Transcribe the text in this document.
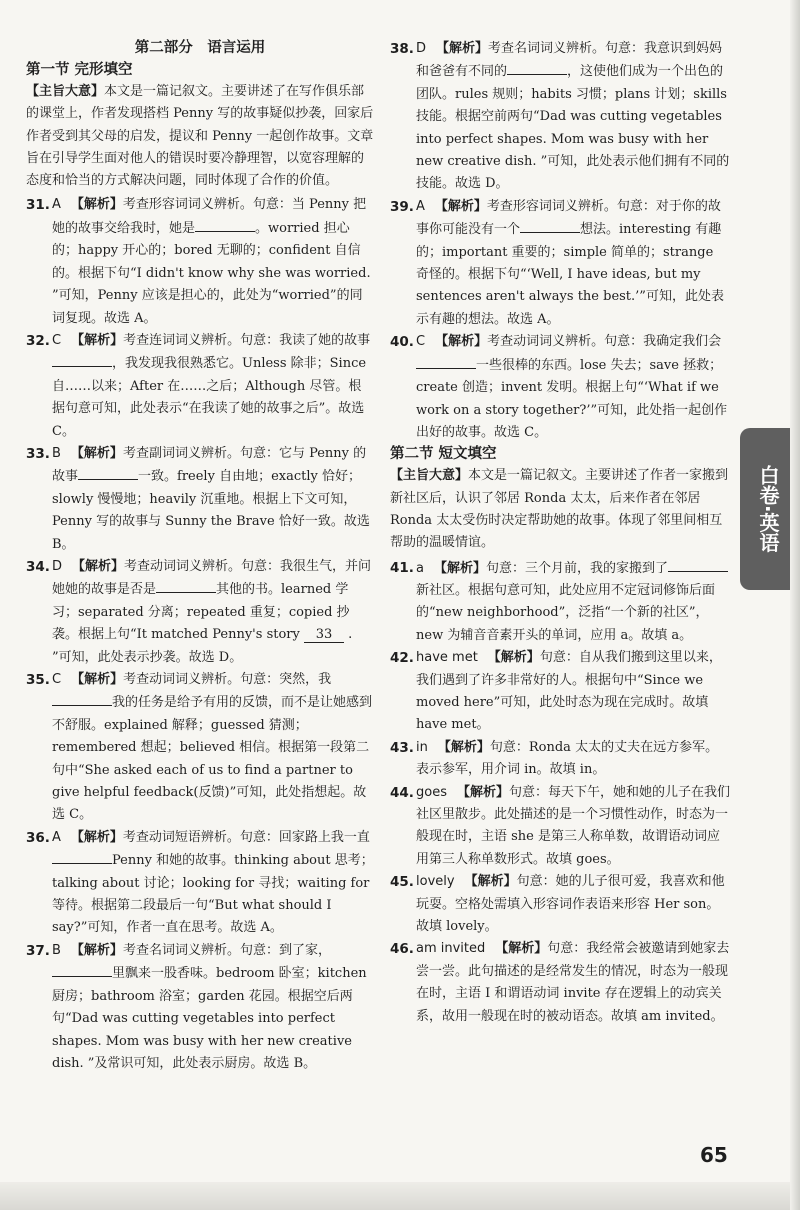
第二部分　语言运用
第一节 完形填空

【主旨大意】本文是一篇记叙文。主要讲述了在写作俱乐部的课堂上，作者发现搭档 Penny 写的故事疑似抄袭，回家后作者受到其父母的启发，提议和 Penny 一起创作故事。文章旨在引导学生面对他人的错误时要冷静理智，以宽容理解的态度和恰当的方式解决问题，同时体现了合作的价值。

31. A 【解析】考查形容词词义辨析。句意：当 Penny 把她的故事交给我时，她是	。worried 担心的；happy 开心的；bored 无聊的；confident 自信的。根据下句“I didn't know why she was worried. ”可知，Penny 应该是担心的，此处为“worried”的同词复现。故选 A。

32. C 【解析】考查连词词义辨析。句意：我读了她的故事，我发现我很熟悉它。Unless 除非；Since 自……以来；After 在……之后；Although 尽管。根据句意可知，此处表示“在我读了她的故事之后”。故选 C。

33. B 【解析】考查副词词义辨析。句意：它与 Penny 的故事	一致。freely 自由地；exactly 恰好；slowly 慢慢地；heavily 沉重地。根据上下文可知，Penny 写的故事与 Sunny the Brave 恰好一致。故选 B。

34. D 【解析】考查动词词义辨析。句意：我很生气，并问她她的故事是否是	其他的书。learned 学习；separated 分离；repeated 重复；copied 抄袭。根据上句“It matched Penny's story 33 . ”可知，此处表示抄袭。故选 D。

35. C 【解析】考查动词词义辨析。句意：突然，我我的任务是给予有用的反馈，而不是让她感到不舒服。explained 解释；guessed 猜测；remembered 想起；believed 相信。根据第一段第二句中“She asked each of us to find a partner to give helpful feedback(反馈)”可知，此处指想起。故选 C。

36. A 【解析】考查动词短语辨析。句意：回家路上我一直Penny 和她的故事。thinking about 思考；talking about 讨论；looking for 寻找；waiting for 等待。根据第二段最后一句“But what should I say?”可知，作者一直在思考。故选 A。

37. B 【解析】考查名词词义辨析。句意：到了家，里飘来一股香味。bedroom 卧室；kitchen 厨房；bathroom 浴室；garden 花园。根据空后两句“Dad was cutting vegetables into perfect shapes. Mom was busy with her new creative dish. ”及常识可知，此处表示厨房。故选 B。

38. D 【解析】考查名词词义辨析。句意：我意识到妈妈和爸爸有不同的	，这使他们成为一个出色的团队。rules 规则；habits 习惯；plans 计划；skills 技能。根据空前两句“Dad was cutting vegetables into perfect shapes. Mom was busy with her new creative dish. ”可知，此处表示他们拥有不同的技能。故选 D。

39. A 【解析】考查形容词词义辨析。句意：对于你的故事你可能没有一个	想法。interesting 有趣的；important 重要的；simple 简单的；strange 奇怪的。根据下句“‘Well, I have ideas, but my sentences aren't always the best.’”可知，此处表示有趣的想法。故选 A。

40. C 【解析】考查动词词义辨析。句意：我确定我们会一些很棒的东西。lose 失去；save 拯救；create 创造；invent 发明。根据上句“‘What if we work on a story together?’”可知，此处指一起创作出好的故事。故选 C。

第二节 短文填空

【主旨大意】本文是一篇记叙文。主要讲述了作者一家搬到新社区后，认识了邻居 Ronda 太太，后来作者在邻居 Ronda 太太受伤时决定帮助她的故事。体现了邻里间相互帮助的温暖情谊。

41. a 【解析】句意：三个月前，我的家搬到了新社区。根据句意可知，此处应用不定冠词修饰后面的“new neighborhood”，泛指“一个新的社区”，new 为辅音音素开头的单词，应用 a。故填 a。

42. have met 【解析】句意：自从我们搬到这里以来，我们遇到了许多非常好的人。根据句中“Since we moved here”可知，此处时态为现在完成时。故填 have met。

43. in 【解析】句意：Ronda 太太的丈夫在远方参军。表示参军，用介词 in。故填 in。

44. goes 【解析】句意：每天下午，她和她的儿子在我们社区里散步。此处描述的是一个习惯性动作，时态为一般现在时，主语 she 是第三人称单数，故谓语动词应用第三人称单数形式。故填 goes。

45. lovely 【解析】句意：她的儿子很可爱，我喜欢和他玩耍。空格处需填入形容词作表语来形容 Her son。故填 lovely。

46. am invited 【解析】句意：我经常会被邀请到她家去尝一尝。此句描述的是经常发生的情况，时态为一般现在时，主语 I 和谓语动词 invite 存在逻辑上的动宾关系，故用一般现在时的被动语态。故填 am invited。

白卷·英语
65
